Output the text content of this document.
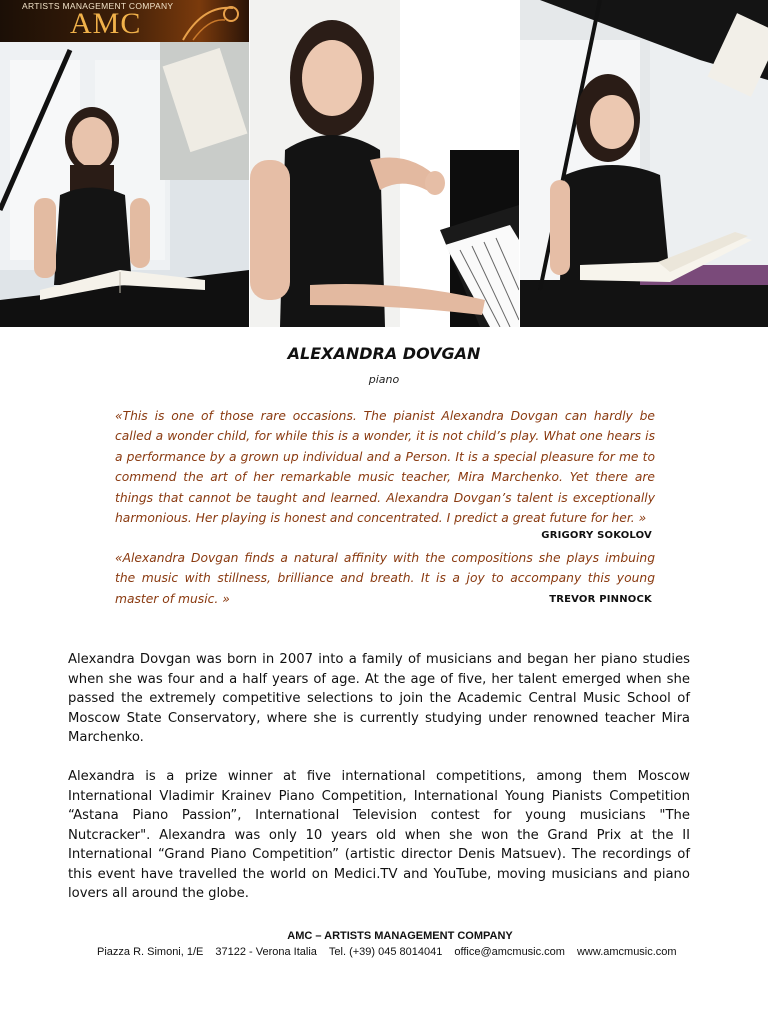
ARTISTS MANAGEMENT COMPANY
AMC
ALEXANDRA DOVGAN
piano
«This is one of those rare occasions. The pianist Alexandra Dovgan can hardly be called a wonder child, for while this is a wonder, it is not child’s play. What one hears is a performance by a grown up individual and a Person. It is a special pleasure for me to commend the art of her remarkable music teacher, Mira Marchenko. Yet there are things that cannot be taught and learned. Alexandra Dovgan’s talent is exceptionally harmonious. Her playing is honest and concentrated. I predict a great future for her. »
GRIGORY SOKOLOV
«Alexandra Dovgan finds a natural affinity with the compositions she plays imbuing the music with stillness, brilliance and breath. It is a joy to accompany this young master of music. »	TREVOR PINNOCK

Alexandra Dovgan was born in 2007 into a family of musicians and began her piano studies when she was four and a half years of age. At the age of five, her talent emerged when she passed the extremely competitive selections to join the Academic Central Music School of Moscow State Conservatory, where she is currently studying under renowned teacher Mira Marchenko.

Alexandra is a prize winner at five international competitions, among them Moscow International Vladimir Krainev Piano Competition, International Young Pianists Competition “Astana Piano Passion”, International Television contest for young musicians "The Nutcracker". Alexandra was only 10 years old when she won the Grand Prix at the II International “Grand Piano Competition” (artistic director Denis Matsuev). The recordings of this event have travelled the world on Medici.TV and YouTube, moving musicians and piano lovers all around the globe.

AMC – ARTISTS MANAGEMENT COMPANY
Piazza R. Simoni, 1/E 37122 - Verona Italia Tel. (+39) 045 8014041 office@amcmusic.com www.amcmusic.com
